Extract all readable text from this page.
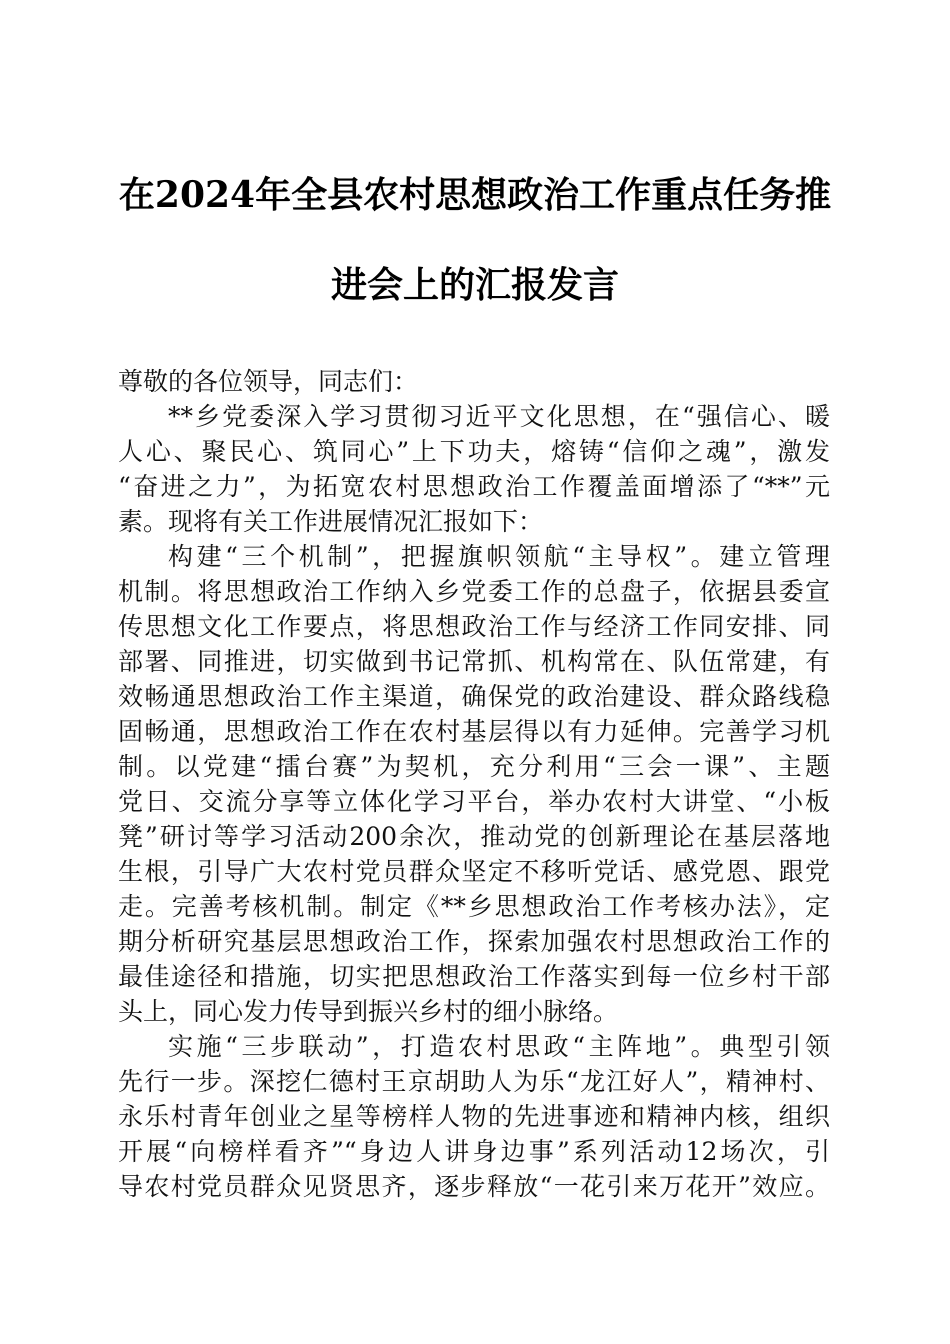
在2024年全县农村思想政治工作重点任务推
进会上的汇报发言
尊敬的各位领导，同志们：
**乡党委深入学习贯彻习近平文化思想，在“强信心、暖
人心、聚民心、筑同心”上下功夫，熔铸“信仰之魂”，激发
“奋进之力”，为拓宽农村思想政治工作覆盖面增添了“**”元
素。现将有关工作进展情况汇报如下：
构建“三个机制”，把握旗帜领航“主导权”。建立管理
机制。将思想政治工作纳入乡党委工作的总盘子，依据县委宣
传思想文化工作要点，将思想政治工作与经济工作同安排、同
部署、同推进，切实做到书记常抓、机构常在、队伍常建，有
效畅通思想政治工作主渠道，确保党的政治建设、群众路线稳
固畅通，思想政治工作在农村基层得以有力延伸。完善学习机
制。以党建“擂台赛”为契机，充分利用“三会一课”、主题
党日、交流分享等立体化学习平台，举办农村大讲堂、“小板
凳”研讨等学习活动200余次，推动党的创新理论在基层落地
生根，引导广大农村党员群众坚定不移听党话、感党恩、跟党
走。完善考核机制。制定《**乡思想政治工作考核办法》，定
期分析研究基层思想政治工作，探索加强农村思想政治工作的
最佳途径和措施，切实把思想政治工作落实到每一位乡村干部
头上，同心发力传导到振兴乡村的细小脉络。
实施“三步联动”，打造农村思政“主阵地”。典型引领
先行一步。深挖仁德村王京胡助人为乐“龙江好人”，精神村、
永乐村青年创业之星等榜样人物的先进事迹和精神内核，组织
开展“向榜样看齐”“身边人讲身边事”系列活动12场次，引
导农村党员群众见贤思齐，逐步释放“一花引来万花开”效应。
